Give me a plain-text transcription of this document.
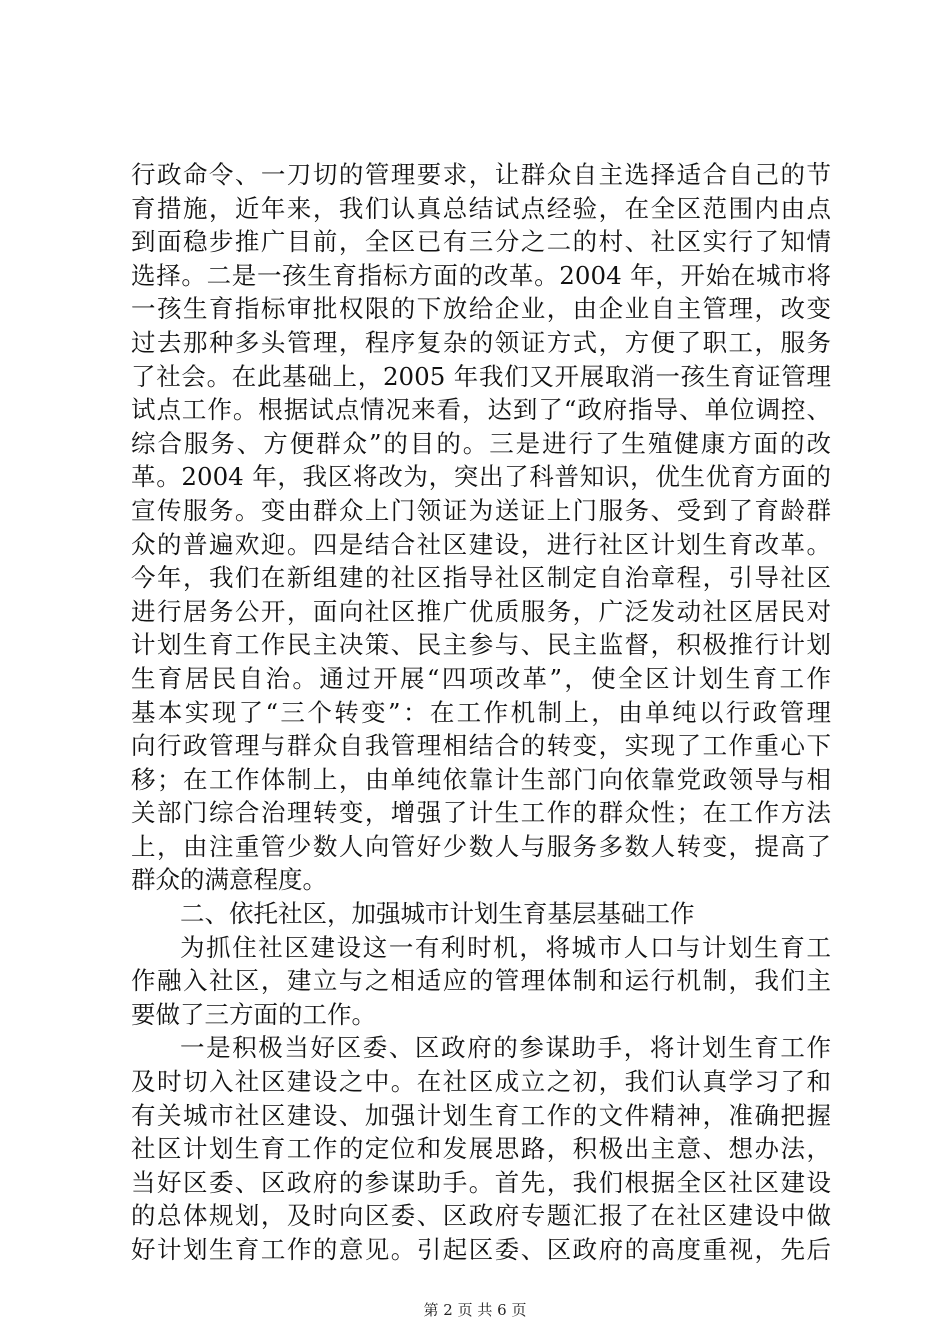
行政命令、一刀切的管理要求，让群众自主选择适合自己的节
育措施，近年来，我们认真总结试点经验，在全区范围内由点
到面稳步推广目前，全区已有三分之二的村、社区实行了知情
选择。二是一孩生育指标方面的改革。2004 年，开始在城市将
一孩生育指标审批权限的下放给企业，由企业自主管理，改变
过去那种多头管理，程序复杂的领证方式，方便了职工，服务
了社会。在此基础上，2005 年我们又开展取消一孩生育证管理
试点工作。根据试点情况来看，达到了“政府指导、单位调控、
综合服务、方便群众”的目的。三是进行了生殖健康方面的改
革。2004 年，我区将改为，突出了科普知识，优生优育方面的
宣传服务。变由群众上门领证为送证上门服务、受到了育龄群
众的普遍欢迎。四是结合社区建设，进行社区计划生育改革。
今年，我们在新组建的社区指导社区制定自治章程，引导社区
进行居务公开，面向社区推广优质服务，广泛发动社区居民对
计划生育工作民主决策、民主参与、民主监督，积极推行计划
生育居民自治。通过开展“四项改革”，使全区计划生育工作
基本实现了“三个转变”：在工作机制上，由单纯以行政管理
向行政管理与群众自我管理相结合的转变，实现了工作重心下
移；在工作体制上，由单纯依靠计生部门向依靠党政领导与相
关部门综合治理转变，增强了计生工作的群众性；在工作方法
上，由注重管少数人向管好少数人与服务多数人转变，提高了
群众的满意程度。
二、依托社区，加强城市计划生育基层基础工作
为抓住社区建设这一有利时机，将城市人口与计划生育工
作融入社区，建立与之相适应的管理体制和运行机制，我们主
要做了三方面的工作。
一是积极当好区委、区政府的参谋助手，将计划生育工作
及时切入社区建设之中。在社区成立之初，我们认真学习了和
有关城市社区建设、加强计划生育工作的文件精神，准确把握
社区计划生育工作的定位和发展思路，积极出主意、想办法，
当好区委、区政府的参谋助手。首先，我们根据全区社区建设
的总体规划，及时向区委、区政府专题汇报了在社区建设中做
好计划生育工作的意见。引起区委、区政府的高度重视，先后
第 2 页 共 6 页
